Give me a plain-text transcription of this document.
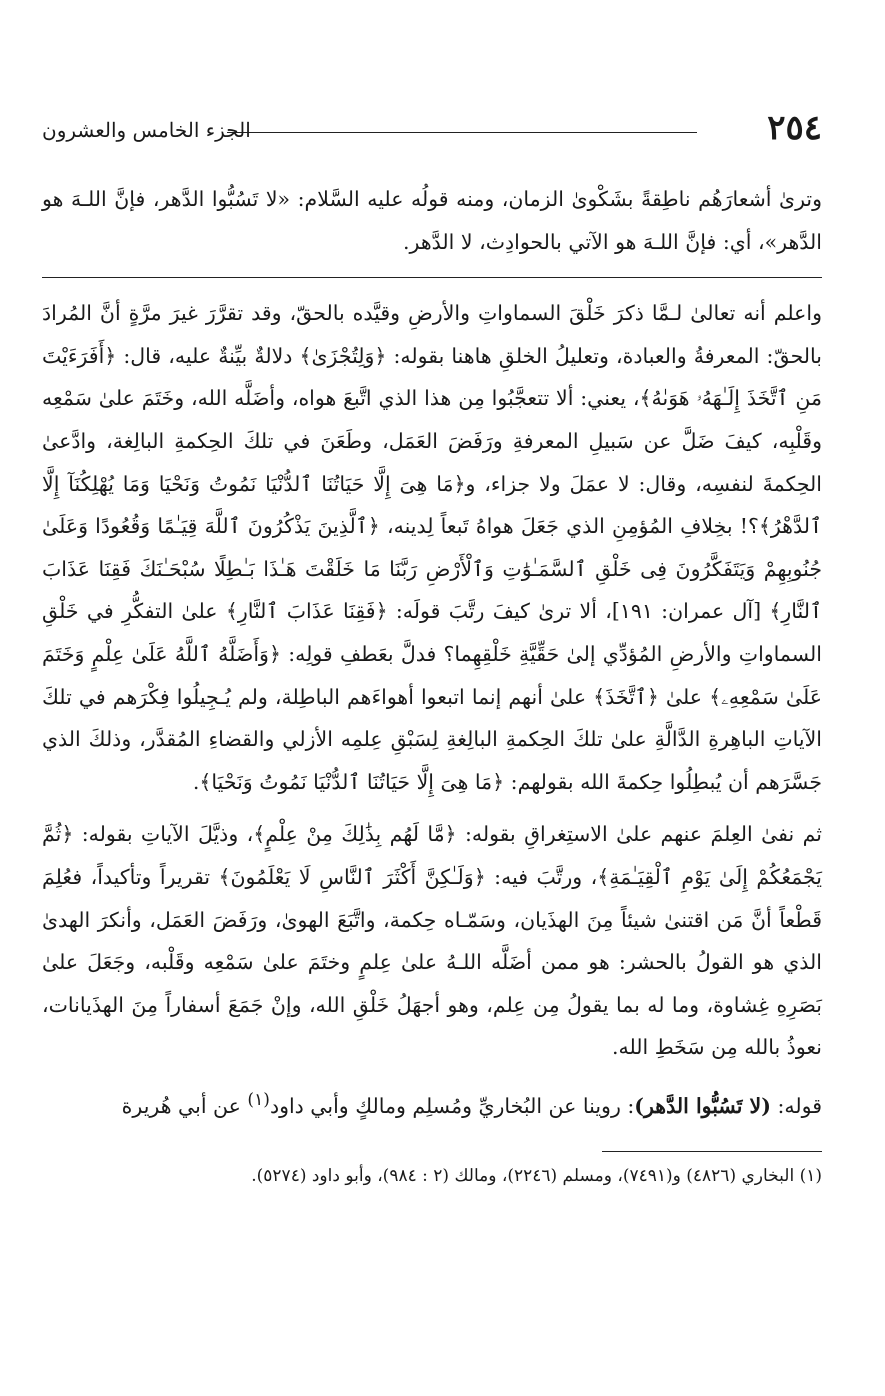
٢٥٤
الجزء الخامس والعشرون

وترىٰ أشعارَهُم ناطِقةً بشَكْوىٰ الزمان، ومنه قولُه عليه السَّلام: «لا تَسُبُّوا الدَّهر، فإنَّ اللـهَ هو الدَّهر»، أي: فإنَّ اللـهَ هو الآتي بالحوادِث، لا الدَّهر.

واعلم أنه تعالىٰ لـمَّا ذكرَ خَلْقَ السماواتِ والأرضِ وقيَّده بالحقّ، وقد تقرَّرَ غيرَ مرَّةٍ أنَّ المُرادَ بالحقّ: المعرفةُ والعبادة، وتعليلُ الخلقِ هاهنا بقوله: ﴿وَلِتُجْزَىٰ﴾ دلالةٌ بيِّنةٌ عليه، قال: ﴿أَفَرَءَيْتَ مَنِ ٱتَّخَذَ إِلَـٰهَهُۥ هَوَىٰهُ﴾، يعني: ألا تتعجَّبُوا مِن هذا الذي اتَّبعَ هواه، وأضَلَّه الله، وخَتَمَ علىٰ سَمْعِه وقَلْبِه، كيفَ ضَلَّ عن سَبيلِ المعرفةِ ورَفَضَ العَمَل، وطَعَنَ في تلكَ الحِكمةِ البالِغة، وادَّعىٰ الحِكمةَ لنفسِه، وقال: لا عمَلَ ولا جزاء، و﴿مَا هِىَ إِلَّا حَيَاتُنَا ٱلدُّنْيَا نَمُوتُ وَنَحْيَا وَمَا يُهْلِكُنَآ إِلَّا ٱلدَّهْرُ﴾؟! بخِلافِ المُؤمِنِ الذي جَعَلَ هواهُ تَبعاً لِدينه، ﴿ٱلَّذِينَ يَذْكُرُونَ ٱللَّهَ قِيَـٰمًا وَقُعُودًا وَعَلَىٰ جُنُوبِهِمْ وَيَتَفَكَّرُونَ فِى خَلْقِ ٱلسَّمَـٰوَٰتِ وَٱلْأَرْضِ رَبَّنَا مَا خَلَقْتَ هَـٰذَا بَـٰطِلًا سُبْحَـٰنَكَ فَقِنَا عَذَابَ ٱلنَّارِ﴾ [آل عمران: ١٩١]، ألا ترىٰ كيفَ رتَّبَ قولَه: ﴿فَقِنَا عَذَابَ ٱلنَّارِ﴾ علىٰ التفكُّرِ في خَلْقِ السماواتِ والأرضِ المُؤدِّي إلىٰ حَقِّيَّةِ خَلْقِهِما؟ فدلَّ بعَطفِ قولِه: ﴿وَأَضَلَّهُ ٱللَّهُ عَلَىٰ عِلْمٍ وَخَتَمَ عَلَىٰ سَمْعِهِۦ﴾ علىٰ ﴿ٱتَّخَذَ﴾ علىٰ أنهم إنما اتبعوا أهواءَهم الباطِلة، ولم يُـجِيلُوا فِكْرَهم في تلكَ الآياتِ الباهِرةِ الدَّالَّةِ علىٰ تلكَ الحِكمةِ البالِغةِ لِسَبْقِ عِلمِه الأزلي والقضاءِ المُقدَّر، وذلكَ الذي جَسَّرَهم أن يُبطِلُوا حِكمةَ الله بقولهم: ﴿مَا هِىَ إِلَّا حَيَاتُنَا ٱلدُّنْيَا نَمُوتُ وَنَحْيَا﴾.

ثم نفىٰ العِلمَ عنهم علىٰ الاستِغراقِ بقوله: ﴿مَّا لَهُم بِذَٰلِكَ مِنْ عِلْمٍ﴾، وذيَّلَ الآياتِ بقوله: ﴿ثُمَّ يَجْمَعُكُمْ إِلَىٰ يَوْمِ ٱلْقِيَـٰمَةِ﴾، ورتَّبَ فيه: ﴿وَلَـٰكِنَّ أَكْثَرَ ٱلنَّاسِ لَا يَعْلَمُونَ﴾ تقريراً وتأكيداً، فعُلِمَ قَطْعاً أنَّ مَن اقتنىٰ شيئاً مِنَ الهذَيان، وسَمّـاه حِكمة، واتَّبَعَ الهوىٰ، ورَفَضَ العَمَل، وأنكرَ الهدىٰ الذي هو القولُ بالحشر: هو ممن أضَلَّه اللـهُ علىٰ عِلمٍ وختَمَ علىٰ سَمْعِه وقَلْبه، وجَعَلَ علىٰ بَصَرِهِ غِشاوة، وما له بما يقولُ مِن عِلم، وهو أجهَلُ خَلْقِ الله، وإنْ جَمَعَ أسفاراً مِنَ الهذَيانات، نعوذُ بالله مِن سَخَطِ الله.

قوله: (لا تَسُبُّوا الدَّهر): روينا عن البُخاريِّ ومُسلِم ومالكٍ وأبي داود$^{(١)}$ عن أبي هُريرة

(١) البخاري (٤٨٢٦) و(٧٤٩١)، ومسلم (٢٢٤٦)، ومالك (٢ : ٩٨٤)، وأبو داود (٥٢٧٤).
